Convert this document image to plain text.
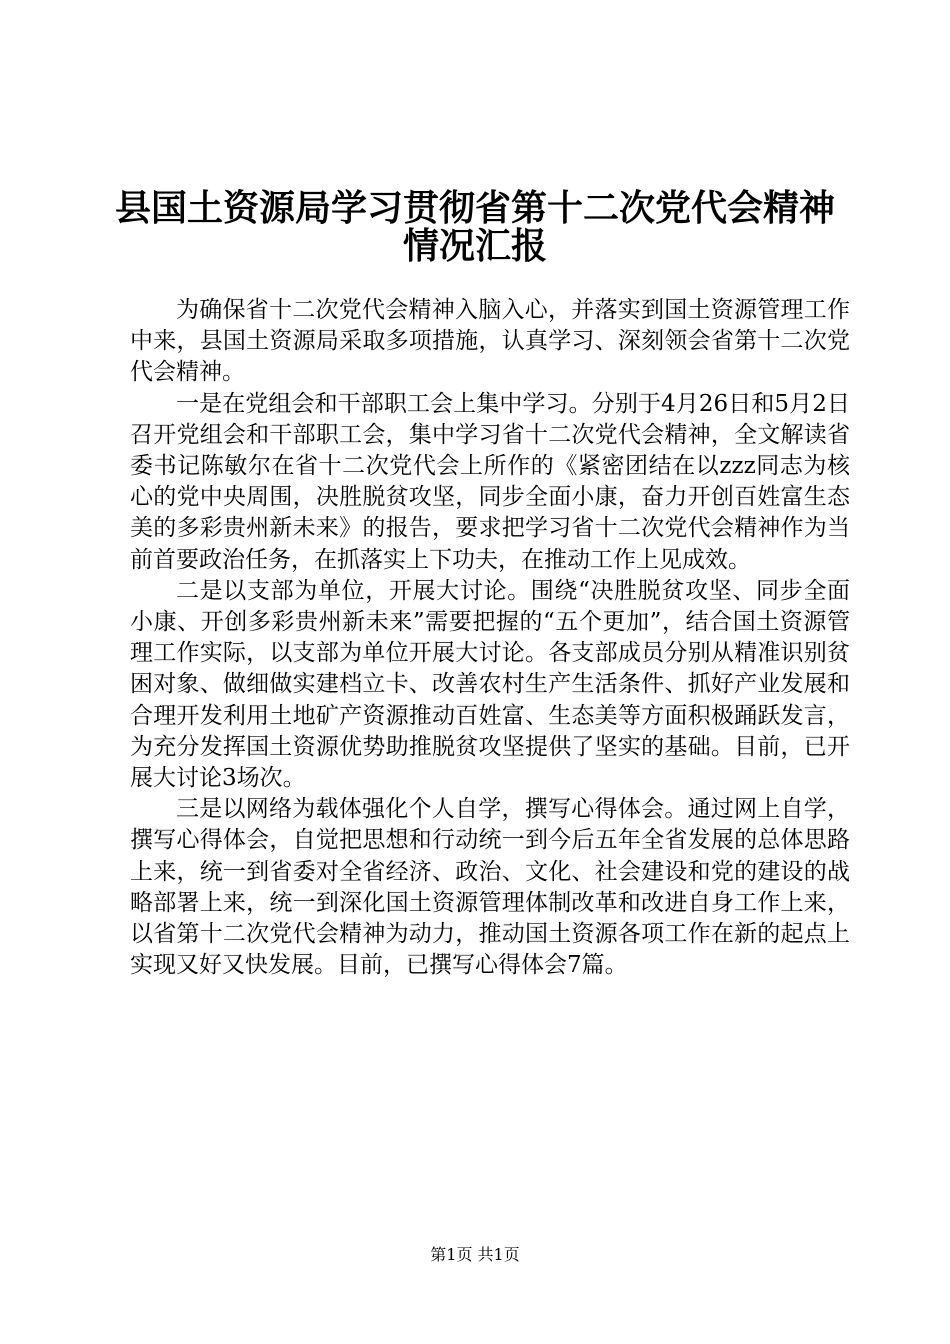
县国土资源局学习贯彻省第十二次党代会精神
情况汇报

为确保省十二次党代会精神入脑入心，并落实到国土资源管理工作中来，县国土资源局采取多项措施，认真学习、深刻领会省第十二次党代会精神。

一是在党组会和干部职工会上集中学习。分别于4月26日和5月2日召开党组会和干部职工会，集中学习省十二次党代会精神，全文解读省委书记陈敏尔在省十二次党代会上所作的《紧密团结在以zzz同志为核心的党中央周围，决胜脱贫攻坚，同步全面小康，奋力开创百姓富生态美的多彩贵州新未来》的报告，要求把学习省十二次党代会精神作为当前首要政治任务，在抓落实上下功夫，在推动工作上见成效。

二是以支部为单位，开展大讨论。围绕“决胜脱贫攻坚、同步全面小康、开创多彩贵州新未来”需要把握的“五个更加”，结合国土资源管理工作实际，以支部为单位开展大讨论。各支部成员分别从精准识别贫困对象、做细做实建档立卡、改善农村生产生活条件、抓好产业发展和合理开发利用土地矿产资源推动百姓富、生态美等方面积极踊跃发言，为充分发挥国土资源优势助推脱贫攻坚提供了坚实的基础。目前，已开展大讨论3场次。

三是以网络为载体强化个人自学，撰写心得体会。通过网上自学，撰写心得体会，自觉把思想和行动统一到今后五年全省发展的总体思路上来，统一到省委对全省经济、政治、文化、社会建设和党的建设的战略部署上来，统一到深化国土资源管理体制改革和改进自身工作上来，以省第十二次党代会精神为动力，推动国土资源各项工作在新的起点上实现又好又快发展。目前，已撰写心得体会7篇。

第1页 共1页
